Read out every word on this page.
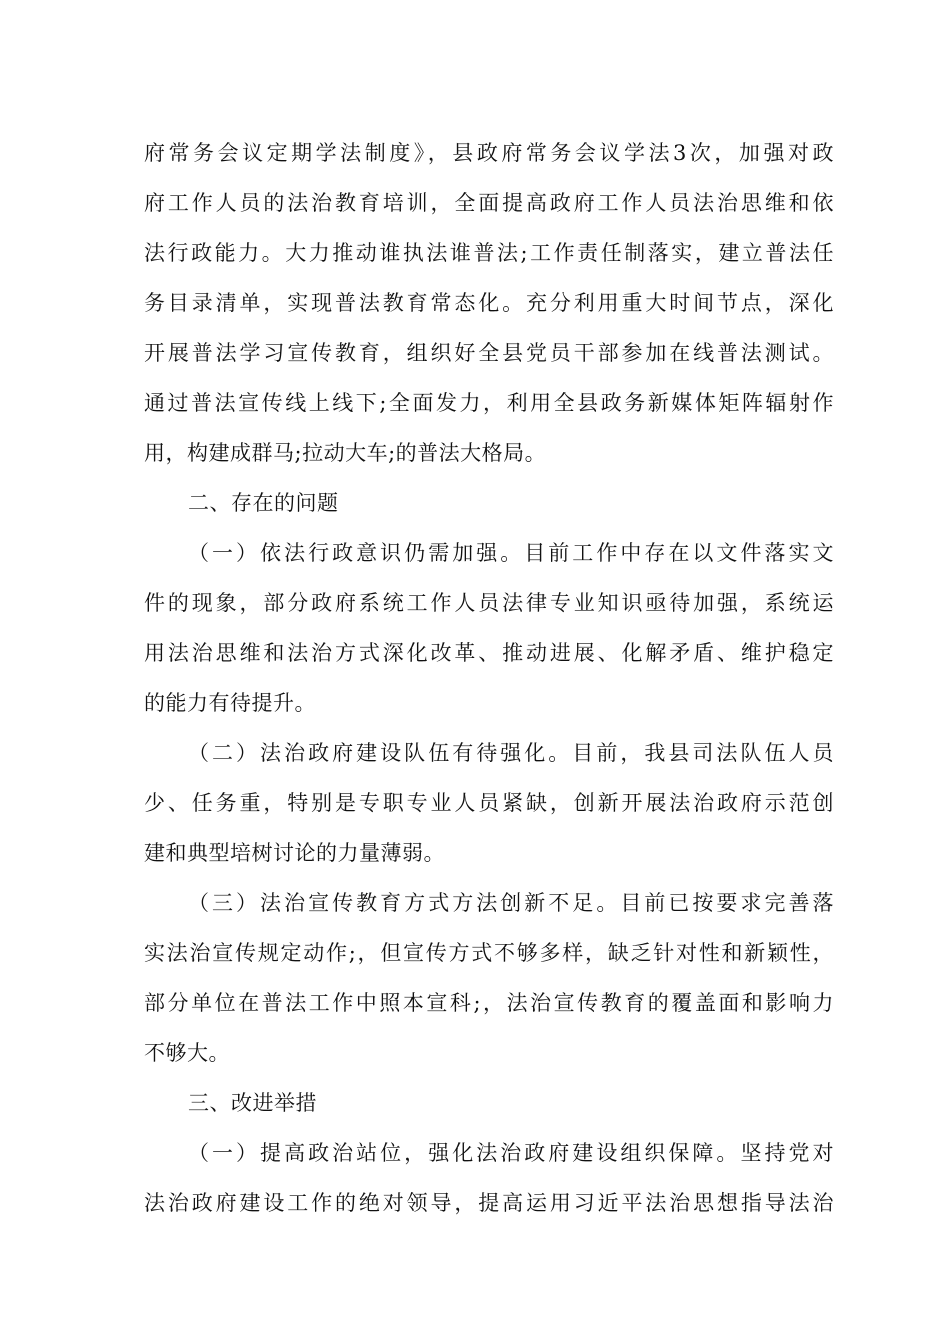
府常务会议定期学法制度》，县政府常务会议学法3次，加强对政
府工作人员的法治教育培训，全面提高政府工作人员法治思维和依
法行政能力。大力推动谁执法谁普法;工作责任制落实，建立普法任
务目录清单，实现普法教育常态化。充分利用重大时间节点，深化
开展普法学习宣传教育，组织好全县党员干部参加在线普法测试。
通过普法宣传线上线下;全面发力，利用全县政务新媒体矩阵辐射作
用，构建成群马;拉动大车;的普法大格局。
二、存在的问题
（一）依法行政意识仍需加强。目前工作中存在以文件落实文
件的现象，部分政府系统工作人员法律专业知识亟待加强，系统运
用法治思维和法治方式深化改革、推动进展、化解矛盾、维护稳定
的能力有待提升。
（二）法治政府建设队伍有待强化。目前，我县司法队伍人员
少、任务重，特别是专职专业人员紧缺，创新开展法治政府示范创
建和典型培树讨论的力量薄弱。
（三）法治宣传教育方式方法创新不足。目前已按要求完善落
实法治宣传规定动作;，但宣传方式不够多样，缺乏针对性和新颖性，
部分单位在普法工作中照本宣科;，法治宣传教育的覆盖面和影响力
不够大。
三、改进举措
（一）提高政治站位，强化法治政府建设组织保障。坚持党对
法治政府建设工作的绝对领导，提高运用习近平法治思想指导法治
